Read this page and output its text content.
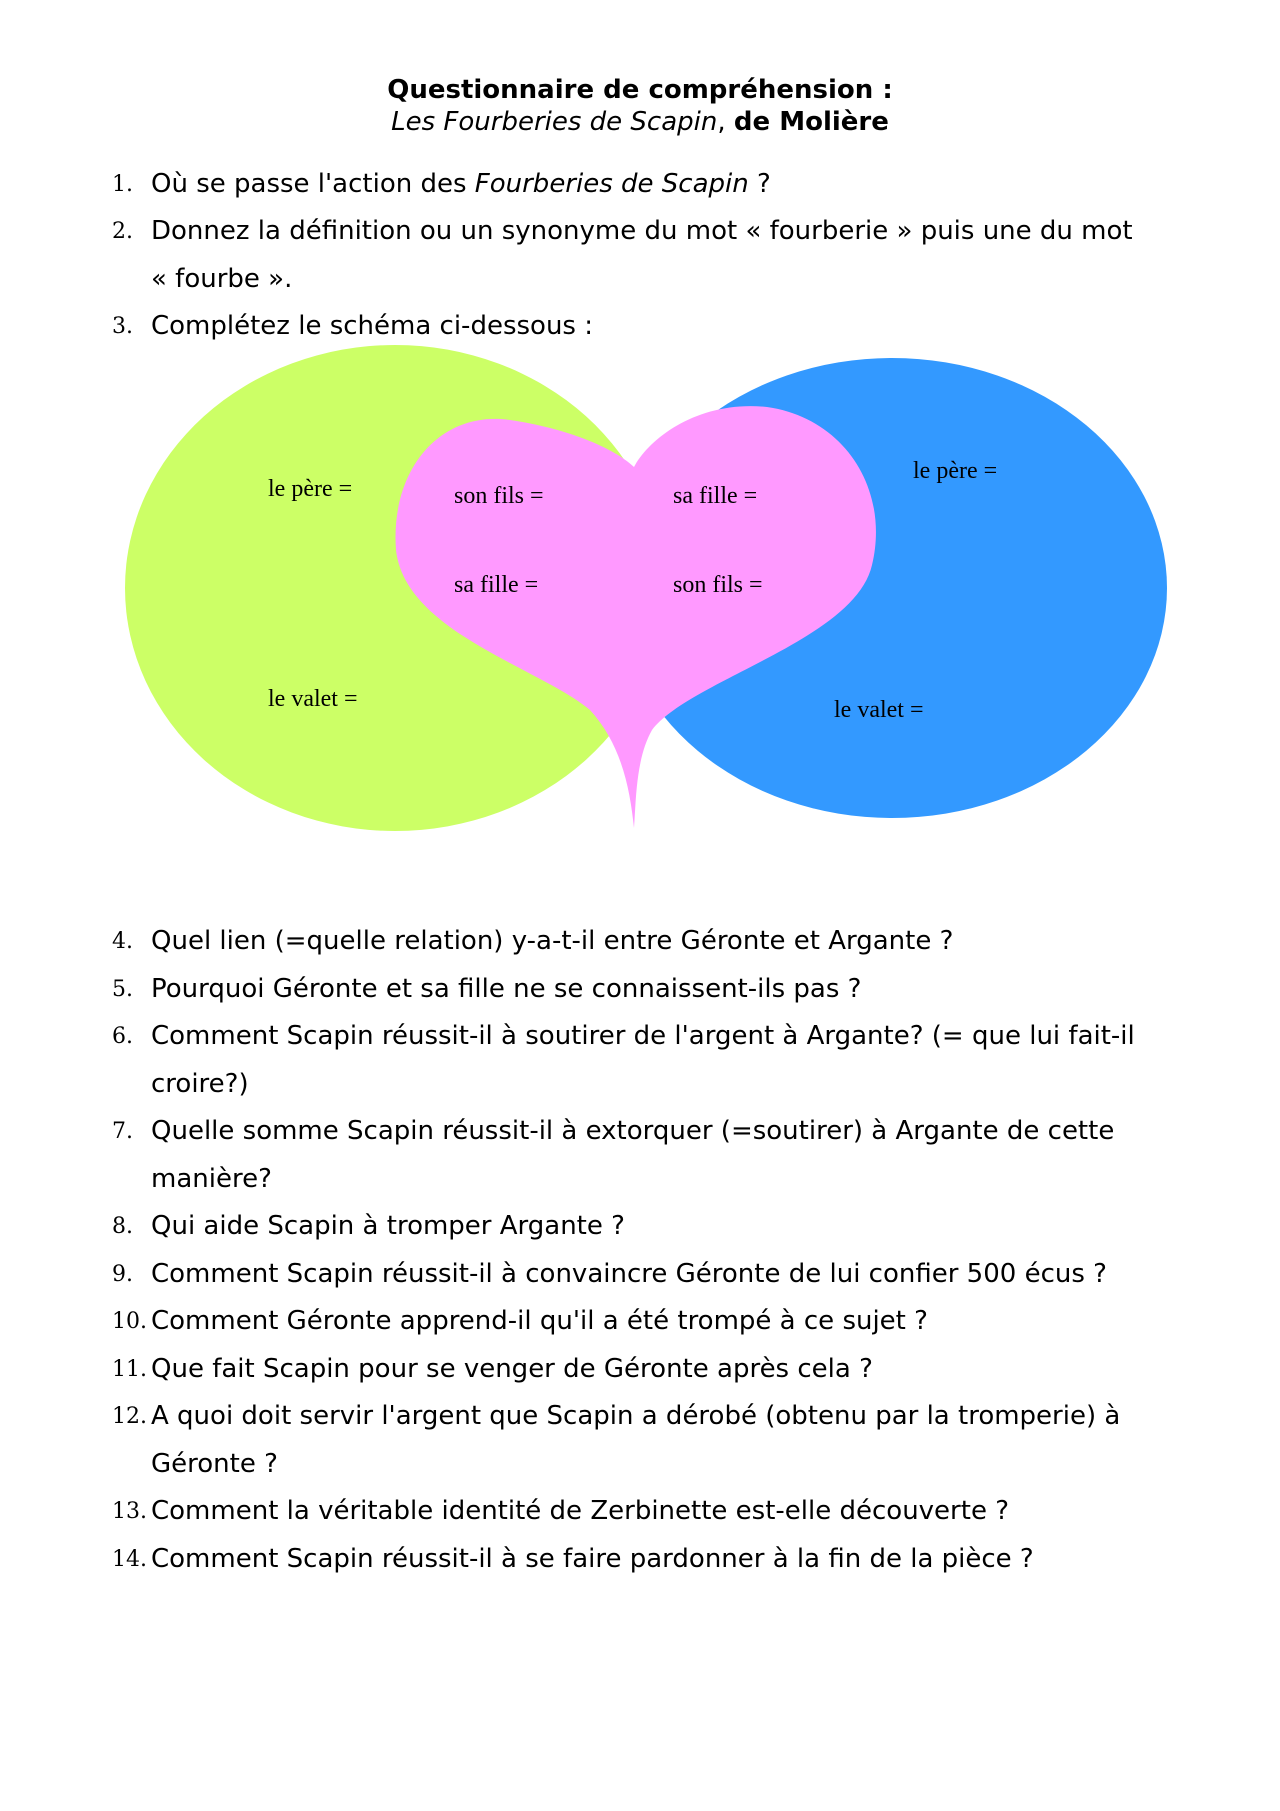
Questionnaire de compréhension :
Les Fourberies de Scapin, de Molière
1. Où se passe l'action des Fourberies de Scapin ?
2. Donnez la définition ou un synonyme du mot « fourberie » puis une du mot
« fourbe ».
3. Complétez le schéma ci-dessous :
le père =
le valet =
le père =
le valet =
son fils =	sa fille =
sa fille =	son fils =
4. Quel lien (=quelle relation) y-a-t-il entre Géronte et Argante ?
5. Pourquoi Géronte et sa fille ne se connaissent-ils pas ?
6. Comment Scapin réussit-il à soutirer de l'argent à Argante? (= que lui fait-il
croire?)
7. Quelle somme Scapin réussit-il à extorquer (=soutirer) à Argante de cette
manière?
8. Qui aide Scapin à tromper Argante ?
9. Comment Scapin réussit-il à convaincre Géronte de lui confier 500 écus ?
10. Comment Géronte apprend-il qu'il a été trompé à ce sujet ?
11. Que fait Scapin pour se venger de Géronte après cela ?
12. A quoi doit servir l'argent que Scapin a dérobé (obtenu par la tromperie) à
Géronte ?
13. Comment la véritable identité de Zerbinette est-elle découverte ?
14. Comment Scapin réussit-il à se faire pardonner à la fin de la pièce ?
